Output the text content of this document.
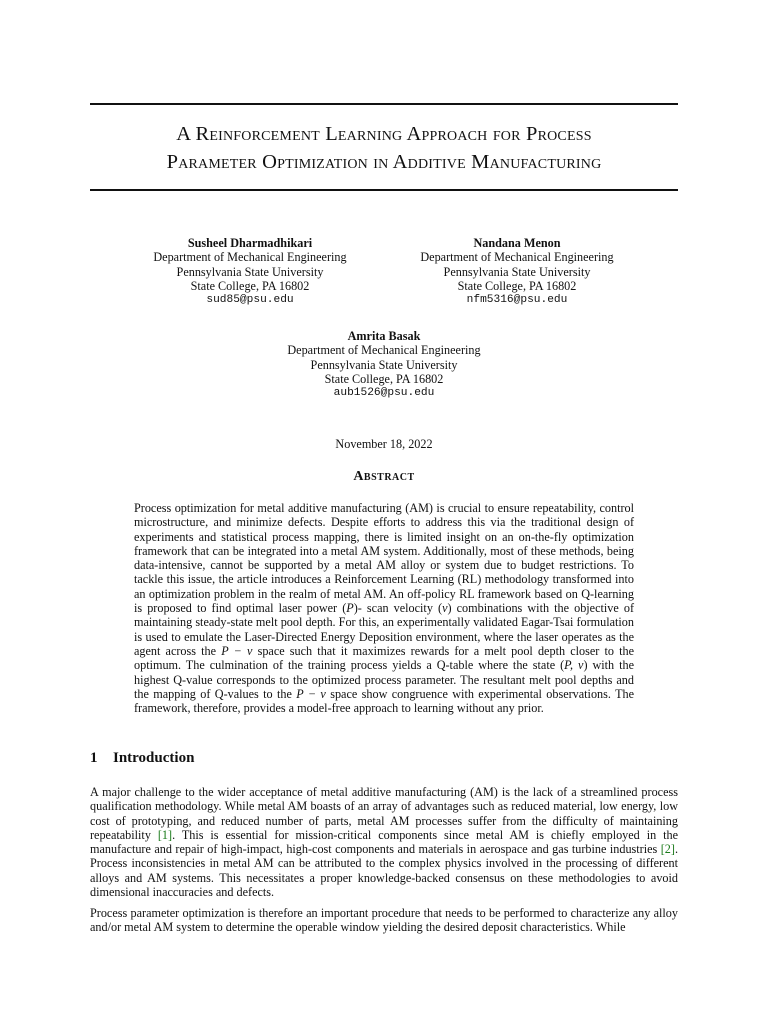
A Reinforcement Learning Approach for Process
Parameter Optimization in Additive Manufacturing
Susheel Dharmadhikari
Department of Mechanical Engineering
Pennsylvania State University
State College, PA 16802
sud85@psu.edu
Nandana Menon
Department of Mechanical Engineering
Pennsylvania State University
State College, PA 16802
nfm5316@psu.edu
Amrita Basak
Department of Mechanical Engineering
Pennsylvania State University
State College, PA 16802
aub1526@psu.edu
November 18, 2022
Abstract

Process optimization for metal additive manufacturing (AM) is crucial to ensure repeatability, control microstructure, and minimize defects. Despite efforts to address this via the traditional design of experiments and statistical process mapping, there is limited insight on an on-the-fly optimization framework that can be integrated into a metal AM system. Additionally, most of these methods, being data-intensive, cannot be supported by a metal AM alloy or system due to budget restrictions. To tackle this issue, the article introduces a Reinforcement Learning (RL) methodology transformed into an optimization problem in the realm of metal AM. An off-policy RL framework based on Q-learning is proposed to find optimal laser power (P)- scan velocity (v) combinations with the objective of maintaining steady-state melt pool depth. For this, an experimentally validated Eagar-Tsai formulation is used to emulate the Laser-Directed Energy Deposition environment, where the laser operates as the agent across the P − v space such that it maximizes rewards for a melt pool depth closer to the optimum. The culmination of the training process yields a Q-table where the state (P, v) with the highest Q-value corresponds to the optimized process parameter. The resultant melt pool depths and the mapping of Q-values to the P − v space show congruence with experimental observations. The framework, therefore, provides a model-free approach to learning without any prior.

1 Introduction

A major challenge to the wider acceptance of metal additive manufacturing (AM) is the lack of a streamlined process qualification methodology. While metal AM boasts of an array of advantages such as reduced material, low energy, low cost of prototyping, and reduced number of parts, metal AM processes suffer from the difficulty of maintaining repeatability [1]. This is essential for mission-critical components since metal AM is chiefly employed in the manufacture and repair of high-impact, high-cost components and materials in aerospace and gas turbine industries [2]. Process inconsistencies in metal AM can be attributed to the complex physics involved in the processing of different alloys and AM systems. This necessitates a proper knowledge-backed consensus on these methodologies to avoid dimensional inaccuracies and defects.

Process parameter optimization is therefore an important procedure that needs to be performed to characterize any alloy and/or metal AM system to determine the operable window yielding the desired deposit characteristics. While
